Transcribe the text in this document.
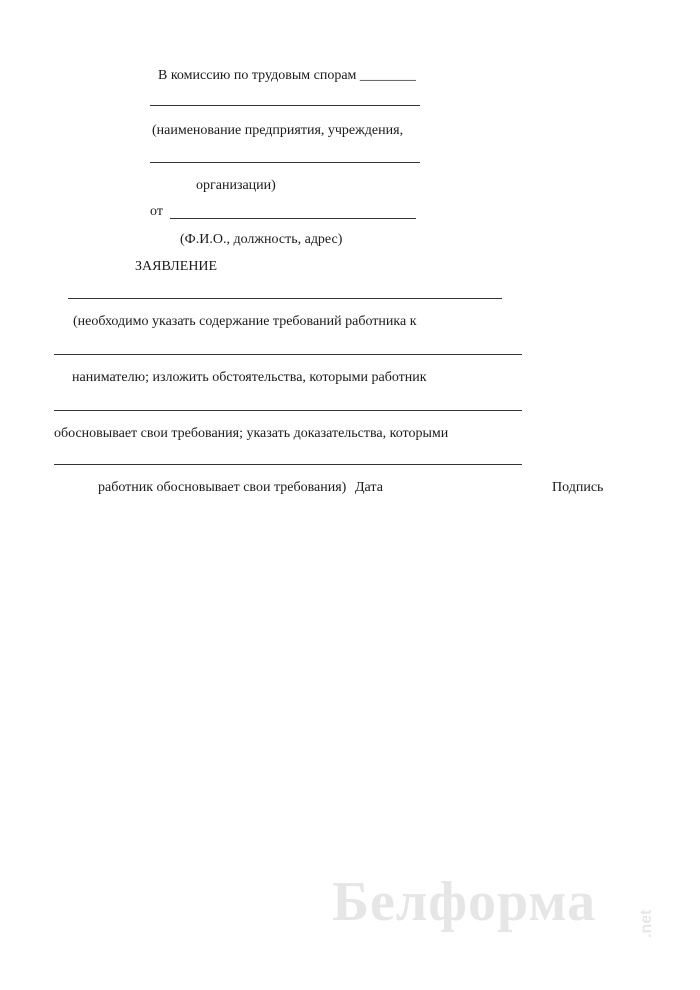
В комиссию по трудовым спорам ________
(наименование предприятия, учреждения,
организации)
от
(Ф.И.О., должность, адрес)
ЗАЯВЛЕНИЕ
(необходимо указать содержание требований работника к
нанимателю; изложить обстоятельства, которыми работник
обосновывает свои требования; указать доказательства, которыми
работник обосновывает свои требования) Дата	Подпись
Белформа	.net
